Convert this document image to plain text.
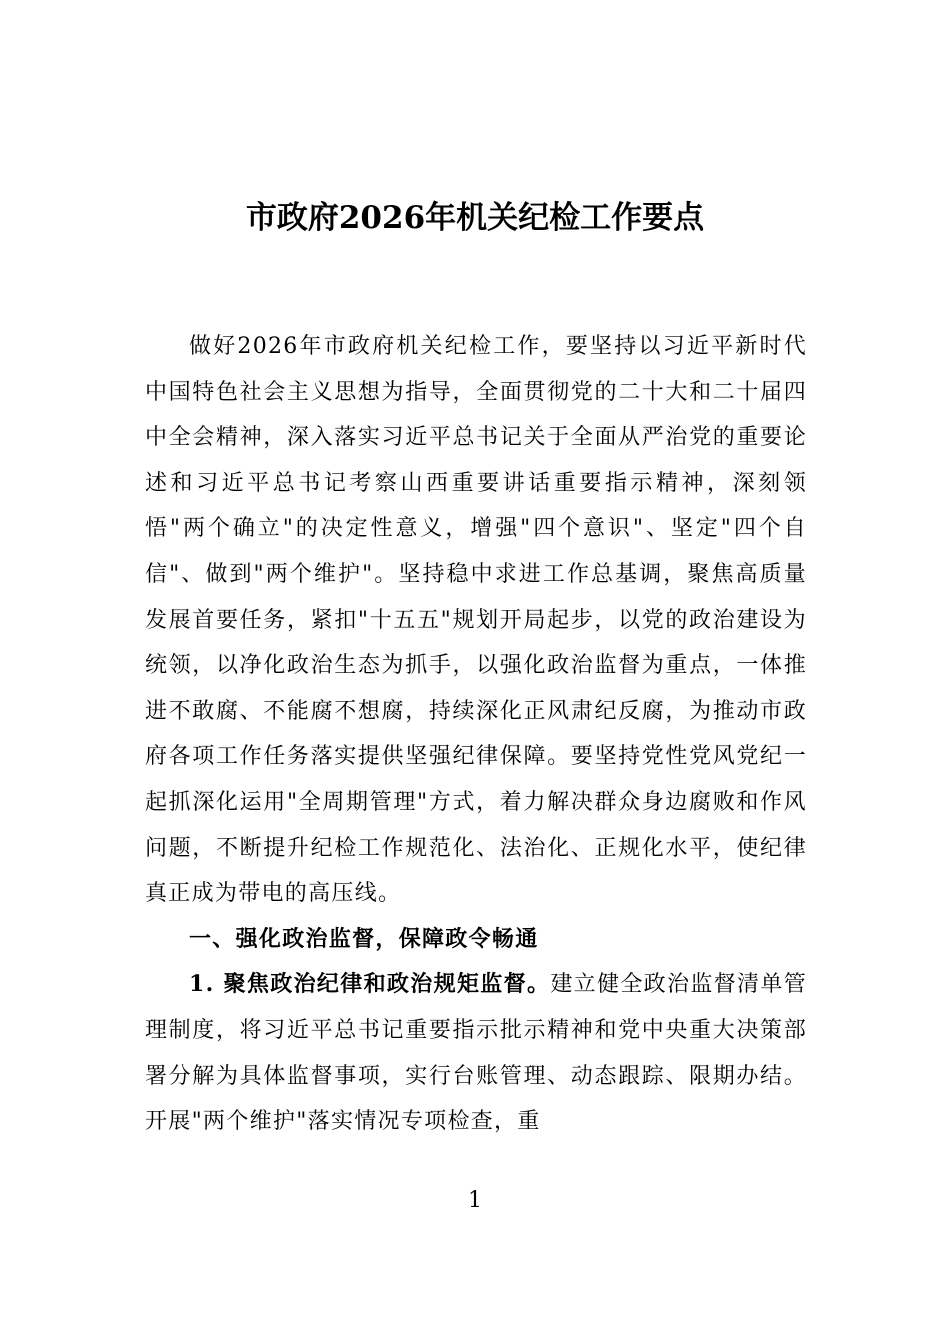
市政府2026年机关纪检工作要点

做好2026年市政府机关纪检工作，要坚持以习近平新时代中国特色社会主义思想为指导，全面贯彻党的二十大和二十届四中全会精神，深入落实习近平总书记关于全面从严治党的重要论述和习近平总书记考察山西重要讲话重要指示精神，深刻领悟"两个确立"的决定性意义，增强"四个意识"、坚定"四个自信"、做到"两个维护"。坚持稳中求进工作总基调，聚焦高质量发展首要任务，紧扣"十五五"规划开局起步，以党的政治建设为统领，以净化政治生态为抓手，以强化政治监督为重点，一体推进不敢腐、不能腐不想腐，持续深化正风肃纪反腐，为推动市政府各项工作任务落实提供坚强纪律保障。要坚持党性党风党纪一起抓深化运用"全周期管理"方式，着力解决群众身边腐败和作风问题，不断提升纪检工作规范化、法治化、正规化水平，使纪律真正成为带电的高压线。

一、强化政治监督，保障政令畅通

1. 聚焦政治纪律和政治规矩监督。建立健全政治监督清单管理制度，将习近平总书记重要指示批示精神和党中央重大决策部署分解为具体监督事项，实行台账管理、动态跟踪、限期办结。开展"两个维护"落实情况专项检查，重

1
